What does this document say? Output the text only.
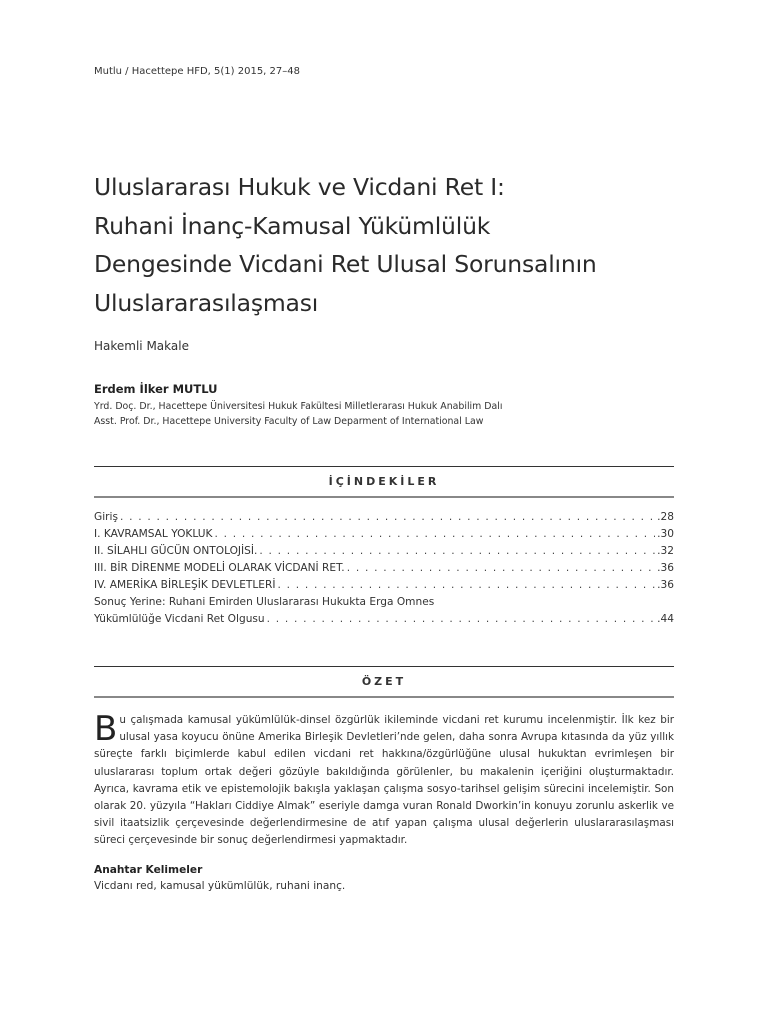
Mutlu / Hacettepe HFD, 5(1) 2015, 27–48
Uluslararası Hukuk ve Vicdani Ret I:
Ruhani İnanç-Kamusal Yükümlülük
Dengesinde Vicdani Ret Ulusal Sorunsalının
Uluslararasılaşması
Hakemli Makale
Erdem İlker MUTLU
Yrd. Doç. Dr., Hacettepe Üniversitesi Hukuk Fakültesi Milletlerarası Hukuk Anabilim Dalı
Asst. Prof. Dr., Hacettepe University Faculty of Law Deparment of International Law
İÇİNDEKİLER
Giriş . . .	.28
I. KAVRAMSAL YOKLUK . . .	.30
II. SİLAHLI GÜCÜN ONTOLOJİSİ. . . .	.32
III. BİR DİRENME MODELİ OLARAK VİCDANİ RET. . . .	.36
IV. AMERİKA BİRLEŞİK DEVLETLERİ . . .	.36
Sonuç Yerine: Ruhani Emirden Uluslararası Hukukta Erga Omnes
Yükümlülüğe Vicdani Ret Olgusu . . .	.44
ÖZET

Bu çalışmada kamusal yükümlülük-dinsel özgürlük ikileminde vicdani ret kurumu incelenmiştir. İlk kez bir ulusal yasa koyucu önüne Amerika Birleşik Devletleri’nde gelen, daha sonra Avrupa kıtasında da yüz yıllık süreçte farklı biçimlerde kabul edilen vicdani ret hakkına/özgürlüğüne ulusal hukuktan evrimleşen bir uluslararası toplum ortak değeri gözüyle bakıldığında görülenler, bu makalenin içeriğini oluşturmaktadır. Ayrıca, kavrama etik ve epistemolojik bakışla yaklaşan çalışma sosyo-tarihsel gelişim sürecini incelemiştir. Son olarak 20. yüzyıla “Hakları Ciddiye Almak” eseriyle damga vuran Ronald Dworkin’in konuyu zorunlu askerlik ve sivil itaatsizlik çerçevesinde değerlendirmesine de atıf yapan çalışma ulusal değerlerin uluslararasılaşması süreci çerçevesinde bir sonuç değerlendirmesi yapmaktadır.

Anahtar Kelimeler
Vicdanı red, kamusal yükümlülük, ruhani inanç.
